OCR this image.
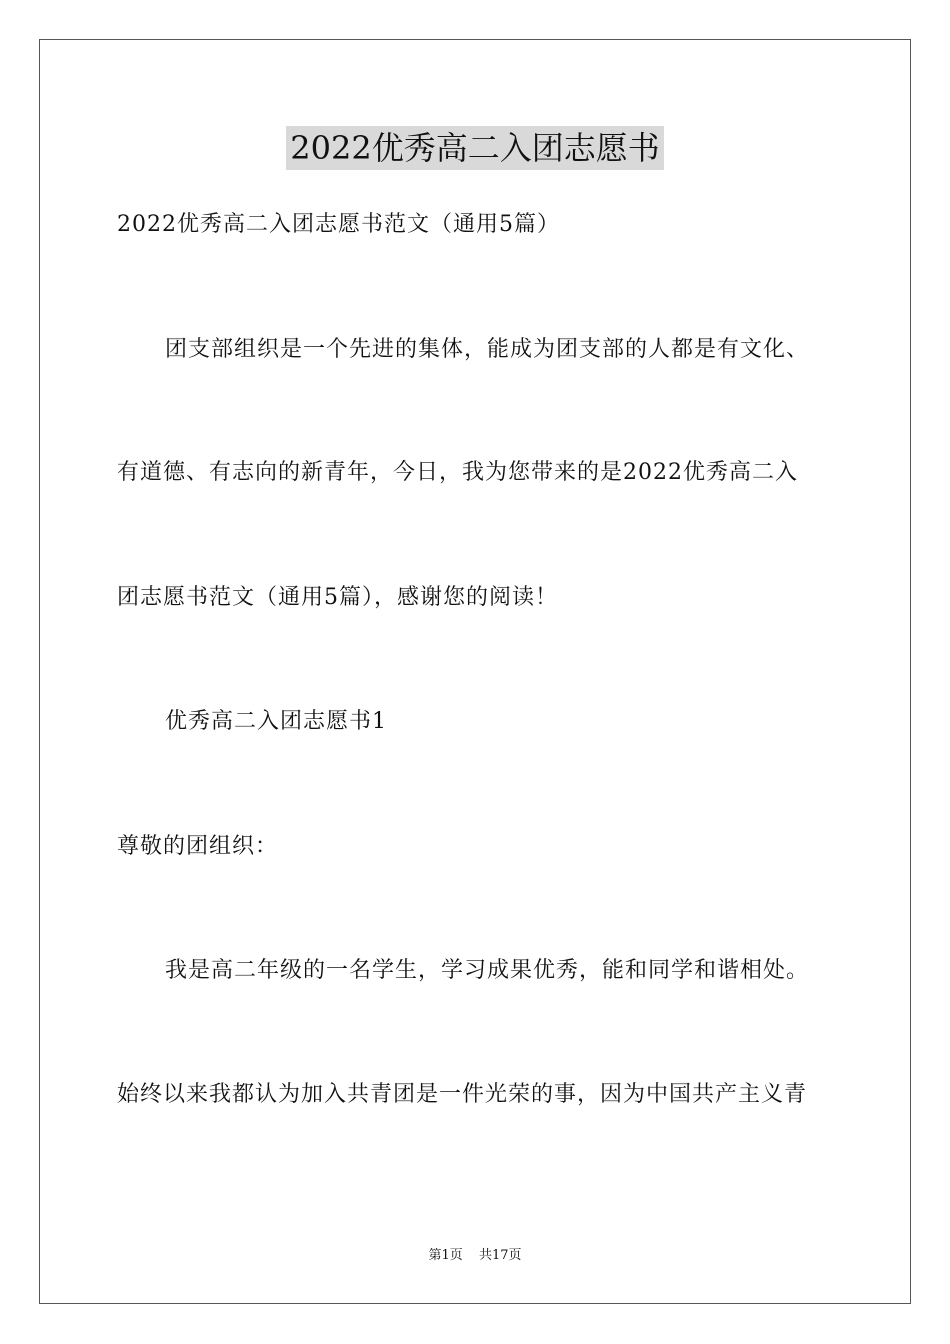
2022优秀高二入团志愿书
2022优秀高二入团志愿书范文（通用5篇）
团支部组织是一个先进的集体，能成为团支部的人都是有文化、
有道德、有志向的新青年，今日，我为您带来的是2022优秀高二入
团志愿书范文（通用5篇），感谢您的阅读！
优秀高二入团志愿书1
尊敬的团组织：
我是高二年级的一名学生，学习成果优秀，能和同学和谐相处。
始终以来我都认为加入共青团是一件光荣的事，因为中国共产主义青
第1页 共17页
